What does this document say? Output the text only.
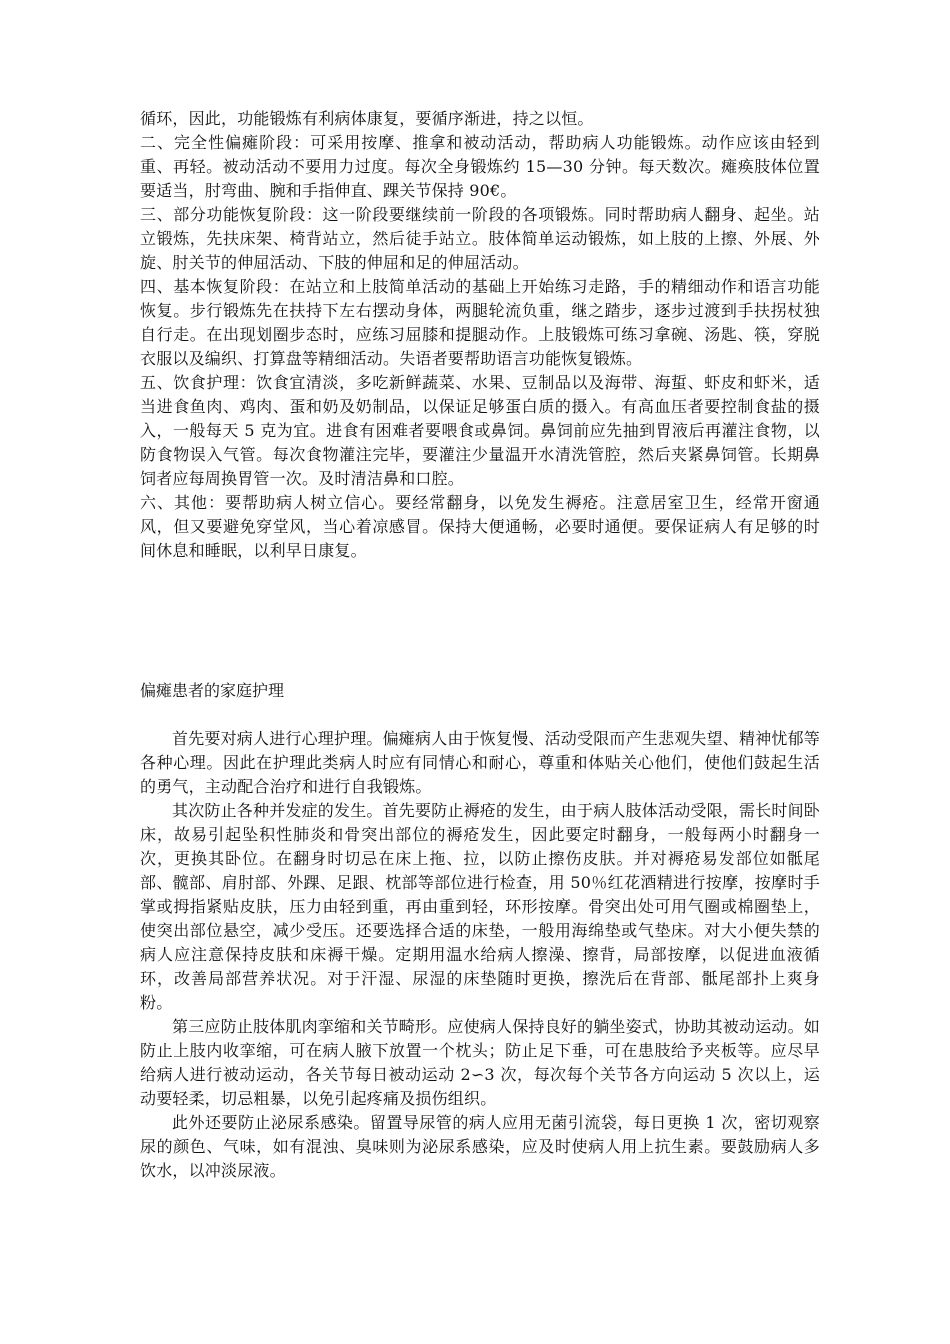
循环，因此，功能锻炼有利病体康复，要循序渐进，持之以恒。

二、完全性偏瘫阶段：可采用按摩、推拿和被动活动，帮助病人功能锻炼。动作应该由轻到重、再轻。被动活动不要用力过度。每次全身锻炼约 15—30 分钟。每天数次。瘫痪肢体位置要适当，肘弯曲、腕和手指伸直、踝关节保持 90€。

三、部分功能恢复阶段：这一阶段要继续前一阶段的各项锻炼。同时帮助病人翻身、起坐。站立锻炼，先扶床架、椅背站立，然后徒手站立。肢体简单运动锻炼，如上肢的上擦、外展、外旋、肘关节的伸屈活动、下肢的伸屈和足的伸屈活动。

四、基本恢复阶段：在站立和上肢简单活动的基础上开始练习走路，手的精细动作和语言功能恢复。步行锻炼先在扶持下左右摆动身体，两腿轮流负重，继之踏步，逐步过渡到手扶拐杖独自行走。在出现划圈步态时，应练习屈膝和提腿动作。上肢锻炼可练习拿碗、汤匙、筷，穿脱衣服以及编织、打算盘等精细活动。失语者要帮助语言功能恢复锻炼。

五、饮食护理：饮食宜清淡，多吃新鲜蔬菜、水果、豆制品以及海带、海蜇、虾皮和虾米，适当进食鱼肉、鸡肉、蛋和奶及奶制品，以保证足够蛋白质的摄入。有高血压者要控制食盐的摄入，一般每天 5 克为宜。进食有困难者要喂食或鼻饲。鼻饲前应先抽到胃液后再灌注食物，以防食物误入气管。每次食物灌注完毕，要灌注少量温开水清洗管腔，然后夹紧鼻饲管。长期鼻饲者应每周换胃管一次。及时清洁鼻和口腔。

六、其他：要帮助病人树立信心。要经常翻身，以免发生褥疮。注意居室卫生，经常开窗通风，但又要避免穿堂风，当心着凉感冒。保持大便通畅，必要时通便。要保证病人有足够的时间休息和睡眠，以利早日康复。

偏瘫患者的家庭护理

首先要对病人进行心理护理。偏瘫病人由于恢复慢、活动受限而产生悲观失望、精神忧郁等各种心理。因此在护理此类病人时应有同情心和耐心，尊重和体贴关心他们，使他们鼓起生活的勇气，主动配合治疗和进行自我锻炼。

其次防止各种并发症的发生。首先要防止褥疮的发生，由于病人肢体活动受限，需长时间卧床，故易引起坠积性肺炎和骨突出部位的褥疮发生，因此要定时翻身，一般每两小时翻身一次，更换其卧位。在翻身时切忌在床上拖、拉，以防止擦伤皮肤。并对褥疮易发部位如骶尾部、髋部、肩肘部、外踝、足跟、枕部等部位进行检查，用 50％红花酒精进行按摩，按摩时手掌或拇指紧贴皮肤，压力由轻到重，再由重到轻，环形按摩。骨突出处可用气圈或棉圈垫上，使突出部位悬空，减少受压。还要选择合适的床垫，一般用海绵垫或气垫床。对大小便失禁的病人应注意保持皮肤和床褥干燥。定期用温水给病人擦澡、擦背，局部按摩，以促进血液循环，改善局部营养状况。对于汗湿、尿湿的床垫随时更换，擦洗后在背部、骶尾部扑上爽身粉。

第三应防止肢体肌肉挛缩和关节畸形。应使病人保持良好的躺坐姿式，协助其被动运动。如防止上肢内收挛缩，可在病人腋下放置一个枕头；防止足下垂，可在患肢给予夹板等。应尽早给病人进行被动运动，各关节每日被动运动 2∽3 次，每次每个关节各方向运动 5 次以上，运动要轻柔，切忌粗暴，以免引起疼痛及损伤组织。

此外还要防止泌尿系感染。留置导尿管的病人应用无菌引流袋，每日更换 1 次，密切观察尿的颜色、气味，如有混浊、臭味则为泌尿系感染，应及时使病人用上抗生素。要鼓励病人多饮水，以冲淡尿液。
